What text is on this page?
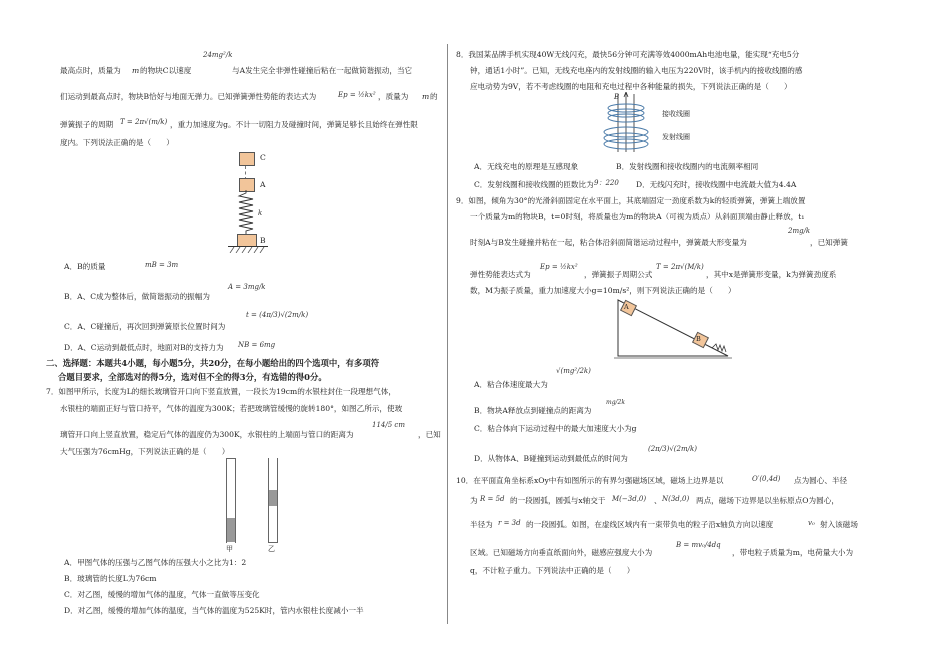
最高点时，质量为 m 的物块C以速度
24mg²/k
与A发生完全非弹性碰撞后粘在一起做简谐振动，当它
们运动到最高点时，物块B恰好与地面无弹力。已知弹簧弹性势能的表达式为	Ep = ½kx² ，质量为 m 的
弹簧振子的周期 T = 2π√(m/k) ，重力加速度为g。不计一切阻力及碰撞时间，弹簧足够长且始终在弹性限
度内。下列说法正确的是（　　）
C
A
k
B
A．B的质量	mB = 3m
B．A、C成为整体后，做简谐振动的振幅为
A = 3mg/k
C．A、C碰撞后，再次回到弹簧原长位置时间为
t = (4π/3)√(2m/k)
D．A、C运动到最低点时，地面对B的支持力为 NB = 6mg
二、选择题：本题共4小题，每小题5分，共20分，在每小题给出的四个选项中，有多项符
合题目要求，全部选对的得5分，选对但不全的得3分，有选错的得0分。
7．如图甲所示，长度为L的细长玻璃管开口向下竖直放置，一段长为19cm的水银柱封住一段理想气体，
水银柱的端面正好与管口持平，气体的温度为300K；若把玻璃管缓慢的旋转180°，如图乙所示，使玻
璃管开口向上竖直放置，稳定后气体的温度仍为300K，水银柱的上端面与管口的距离为
114/5 cm
，已知
大气压强为76cmHg，下列说法正确的是（　　）
甲	乙
A．甲图气体的压强与乙图气体的压强大小之比为1：2
B．玻璃管的长度L为76cm
C．对乙图，缓慢的增加气体的温度，气体一直做等压变化
D．对乙图，缓慢的增加气体的温度，当气体的温度为525K时，管内水银柱长度减小一半
8．我国某品牌手机实现40W无线闪充，最快56分钟可充满等效4000mAh电池电量，能实现“充电5分
钟，通话1小时”。已知，无线充电座内的发射线圈的输入电压为220V时，该手机内的接收线圈的感
应电动势为9V，若不考虑线圈的电阻和充电过程中各种能量的损失，下列说法正确的是（　　）
B
接收线圈
发射线圈
A．无线充电的原理是互感现象	B．发射线圈和接收线圈内的电流频率相同
C．发射线圈和接收线圈的匝数比为 9：220 D．无线闪充时，接收线圈中电流最大值为4.4A
9．如图，倾角为30°的光滑斜面固定在水平面上，其底端固定一劲度系数为k的轻质弹簧，弹簧上端放置
一个质量为m的物块B，t=0时刻，将质量也为m的物块A（可视为质点）从斜面顶端由静止释放，t₁
时刻A与B发生碰撞并粘在一起，粘合体沿斜面简谐运动过程中，弹簧最大形变量为
2mg/k
，已知弹簧
弹性势能表达式为
Ep = ½kx²
，弹簧振子周期公式
T = 2π√(M/k)
，其中x是弹簧形变量，k为弹簧劲度系
数，M为振子质量，重力加速度大小g=10m/s²，则下列说法正确的是（　　）
A
B
A．粘合体速度最大为
√(mg²/2k)
B．物块A释放点到碰撞点的距离为
mg/2k
C．粘合体向下运动过程中的最大加速度大小为g
D．从物体A、B碰撞到运动到最低点的时间为
(2π/3)√(2m/k)
10．在平面直角坐标系xOy中有如图所示的有界匀强磁场区域，磁场上边界是以	O′(0,4d) 点为圆心、半径
为 R = 5d 的一段圆弧，圆弧与x轴交于 M(−3d,0) 、 N(3d,0) 两点，磁场下边界是以坐标原点O为圆心，
半径为 r = 3d 的一段圆弧。如图，在虚线区域内有一束带负电的粒子沿x轴负方向以速度	v₀ 射入该磁场
区域。已知磁场方向垂直纸面向外，磁感应强度大小为
B = mv₀/4dq
，带电粒子质量为m，电荷量大小为
q，不计粒子重力。下列说法中正确的是（　　）
